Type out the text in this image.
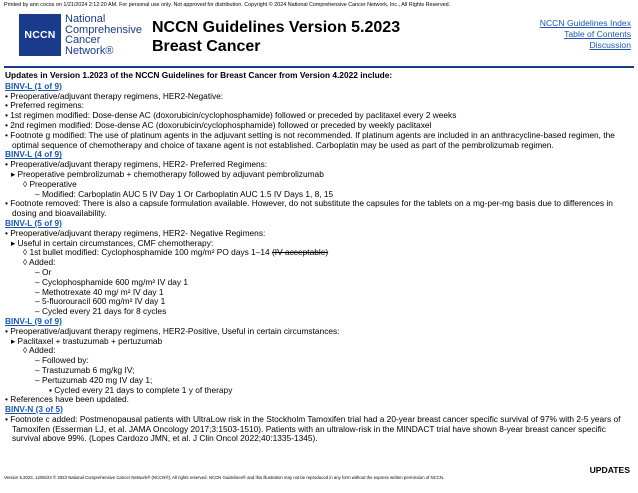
Printed by ann cocos on 1/21/2024 2:12:20 AM. For personal use only. Not approved for distribution. Copyright © 2024 National Comprehensive Cancer Network, Inc., All Rights Reserved.
NCCN
National
Comprehensive
Cancer
Network®
NCCN Guidelines Version 5.2023
Breast Cancer
NCCN Guidelines Index
Table of Contents
Discussion
Updates in Version 1.2023 of the NCCN Guidelines for Breast Cancer from Version 4.2022 include:
BINV-L (1 of 9)
• Preoperative/adjuvant therapy regimens, HER2-Negative:
• Preferred regimens:
• 1st regimen modified: Dose-dense AC (doxorubicin/cyclophosphamide) followed or preceded by paclitaxel every 2 weeks
• 2nd regimen modified: Dose-dense AC (doxorubicin/cyclophosphamide) followed or preceded by weekly paclitaxel
• Footnote g modified: The use of platinum agents in the adjuvant setting is not recommended. If platinum agents are included in an anthracycline-based regimen, the optimal sequence of chemotherapy and choice of taxane agent is not established. Carboplatin may be used as part of the pembrolizumab regimen.
BINV-L (4 of 9)
• Preoperative/adjuvant therapy regimens, HER2- Preferred Regimens:
▸ Preoperative pembrolizumab + chemotherapy followed by adjuvant pembrolizumab
◊ Preoperative
– Modified: Carboplatin AUC 5 IV Day 1 Or Carboplatin AUC 1.5 IV Days 1, 8, 15
• Footnote removed: There is also a capsule formulation available. However, do not substitute the capsules for the tablets on a mg-per-mg basis due to differences in dosing and bioavailability.
BINV-L (5 of 9)
• Preoperative/adjuvant therapy regimens, HER2- Negative Regimens:
▸ Useful in certain circumstances, CMF chemotherapy:
◊ 1st bullet modified: Cyclophosphamide 100 mg/m² PO days 1–14 (IV acceptable)
◊ Added:
– Or
– Cyclophosphamide 600 mg/m² IV day 1
– Methotrexate 40 mg/ m² IV day 1
– 5-fluorouracil 600 mg/m² IV day 1
– Cycled every 21 days for 8 cycles
BINV-L (9 of 9)
• Preoperative/adjuvant therapy regimens, HER2-Positive, Useful in certain circumstances:
▸ Paclitaxel + trastuzumab + pertuzumab
◊ Added:
– Followed by:
– Trastuzumab 6 mg/kg IV;
– Pertuzumab 420 mg IV day 1;
▪ Cycled every 21 days to complete 1 y of therapy
• References have been updated.
BINV-N (3 of 5)
• Footnote c added: Postmenopausal patients with UltraLow risk in the Stockholm Tamoxifen trial had a 20-year breast cancer specific survival of 97% with 2-5 years of Tamoxifen (Esserman LJ, et al. JAMA Oncology 2017;3:1503-1510). Patients with an ultralow-risk in the MINDACT trial have shown 8-year breast cancer specific survival above 99%. (Lopes Cardozo JMN, et al. J Clin Oncol 2022;40:1335-1345).
UPDATES
Version 5.2023, 12/05/23 © 2023 National Comprehensive Cancer Network® (NCCN®), All rights reserved. NCCN Guidelines® and this illustration may not be reproduced in any form without the express written permission of NCCN.
